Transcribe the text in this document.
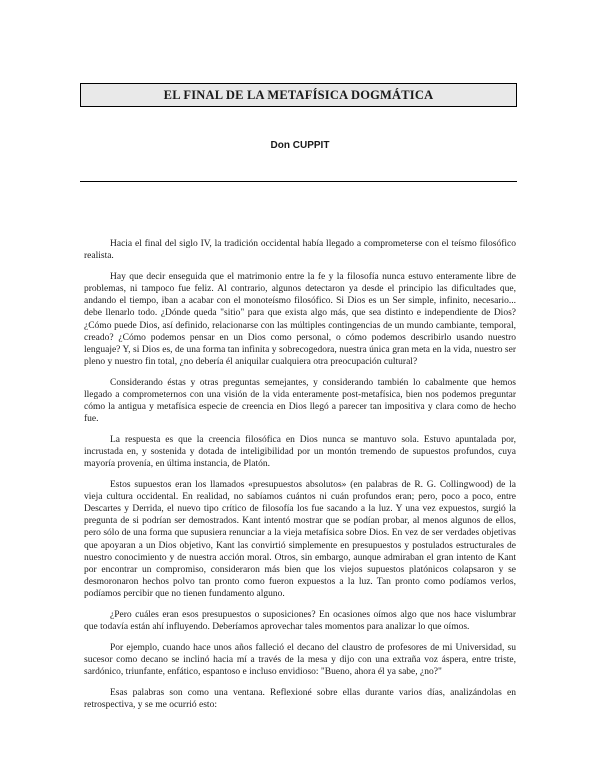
EL FINAL DE LA METAFÍSICA DOGMÁTICA
Don CUPPIT

Hacia el final del siglo IV, la tradición occidental había llegado a comprometerse con el teísmo filosófico realista.

Hay que decir enseguida que el matrimonio entre la fe y la filosofía nunca estuvo enteramente libre de problemas, ni tampoco fue feliz. Al contrario, algunos detectaron ya desde el principio las dificultades que, andando el tiempo, iban a acabar con el monoteísmo filosófico. Si Dios es un Ser simple, infinito, necesario... debe llenarlo todo. ¿Dónde queda "sitio" para que exista algo más, que sea distinto e independiente de Dios? ¿Cómo puede Dios, así definido, relacionarse con las múltiples contingencias de un mundo cambiante, temporal, creado? ¿Cómo podemos pensar en un Dios como personal, o cómo podemos describirlo usando nuestro lenguaje? Y, si Dios es, de una forma tan infinita y sobrecogedora, nuestra única gran meta en la vida, nuestro ser pleno y nuestro fin total, ¿no debería él aniquilar cualquiera otra preocupación cultural?

Considerando éstas y otras preguntas semejantes, y considerando también lo cabalmente que hemos llegado a comprometernos con una visión de la vida enteramente post-metafísica, bien nos podemos preguntar cómo la antigua y metafísica especie de creencia en Dios llegó a parecer tan impositiva y clara como de hecho fue.

La respuesta es que la creencia filosófica en Dios nunca se mantuvo sola. Estuvo apuntalada por, incrustada en, y sostenida y dotada de inteligibilidad por un montón tremendo de supuestos profundos, cuya mayoría provenía, en última instancia, de Platón.

Estos supuestos eran los llamados «presupuestos absolutos» (en palabras de R. G. Collingwood) de la vieja cultura occidental. En realidad, no sabíamos cuántos ni cuán profundos eran; pero, poco a poco, entre Descartes y Derrida, el nuevo tipo crítico de filosofía los fue sacando a la luz. Y una vez expuestos, surgió la pregunta de si podrían ser demostrados. Kant intentó mostrar que se podían probar, al menos algunos de ellos, pero sólo de una forma que supusiera renunciar a la vieja metafísica sobre Dios. En vez de ser verdades objetivas que apoyaran a un Dios objetivo, Kant las convirtió simplemente en presupuestos y postulados estructurales de nuestro conocimiento y de nuestra acción moral. Otros, sin embargo, aunque admiraban el gran intento de Kant por encontrar un compromiso, consideraron más bien que los viejos supuestos platónicos colapsaron y se desmoronaron hechos polvo tan pronto como fueron expuestos a la luz. Tan pronto como podíamos verlos, podíamos percibir que no tienen fundamento alguno.

¿Pero cuáles eran esos presupuestos o suposiciones? En ocasiones oímos algo que nos hace vislumbrar que todavía están ahí influyendo. Deberíamos aprovechar tales momentos para analizar lo que oímos.

Por ejemplo, cuando hace unos años falleció el decano del claustro de profesores de mi Universidad, su sucesor como decano se inclinó hacia mí a través de la mesa y dijo con una extraña voz áspera, entre triste, sardónico, triunfante, enfático, espantoso e incluso envidioso: "Bueno, ahora él ya sabe, ¿no?"

Esas palabras son como una ventana. Reflexioné sobre ellas durante varios días, analizándolas en retrospectiva, y se me ocurrió esto:
